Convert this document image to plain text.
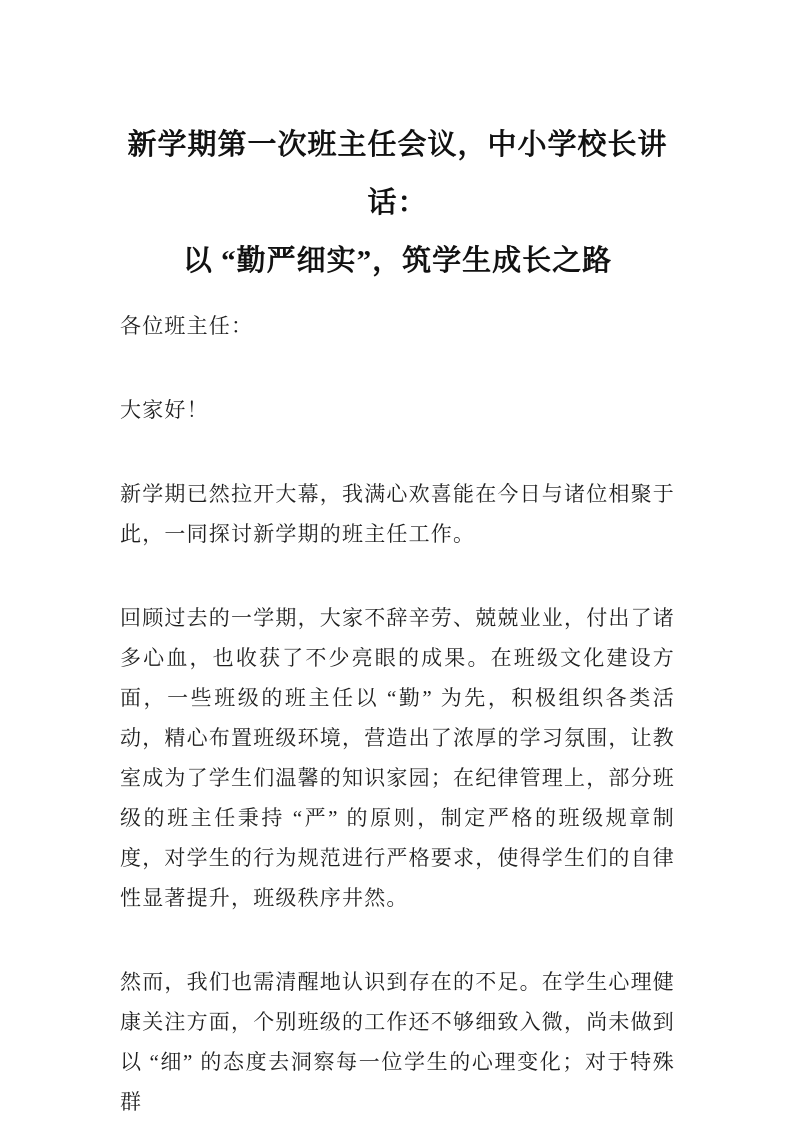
新学期第一次班主任会议，中小学校长讲话：
以 “勤严细实”，筑学生成长之路

各位班主任：

大家好！

新学期已然拉开大幕，我满心欢喜能在今日与诸位相聚于此，一同探讨新学期的班主任工作。

回顾过去的一学期，大家不辞辛劳、兢兢业业，付出了诸多心血，也收获了不少亮眼的成果。在班级文化建设方面，一些班级的班主任以 “勤” 为先，积极组织各类活动，精心布置班级环境，营造出了浓厚的学习氛围，让教室成为了学生们温馨的知识家园；在纪律管理上，部分班级的班主任秉持 “严” 的原则，制定严格的班级规章制度，对学生的行为规范进行严格要求，使得学生们的自律性显著提升，班级秩序井然。

然而，我们也需清醒地认识到存在的不足。在学生心理健康关注方面，个别班级的工作还不够细致入微，尚未做到以 “细” 的态度去洞察每一位学生的心理变化；对于特殊群
